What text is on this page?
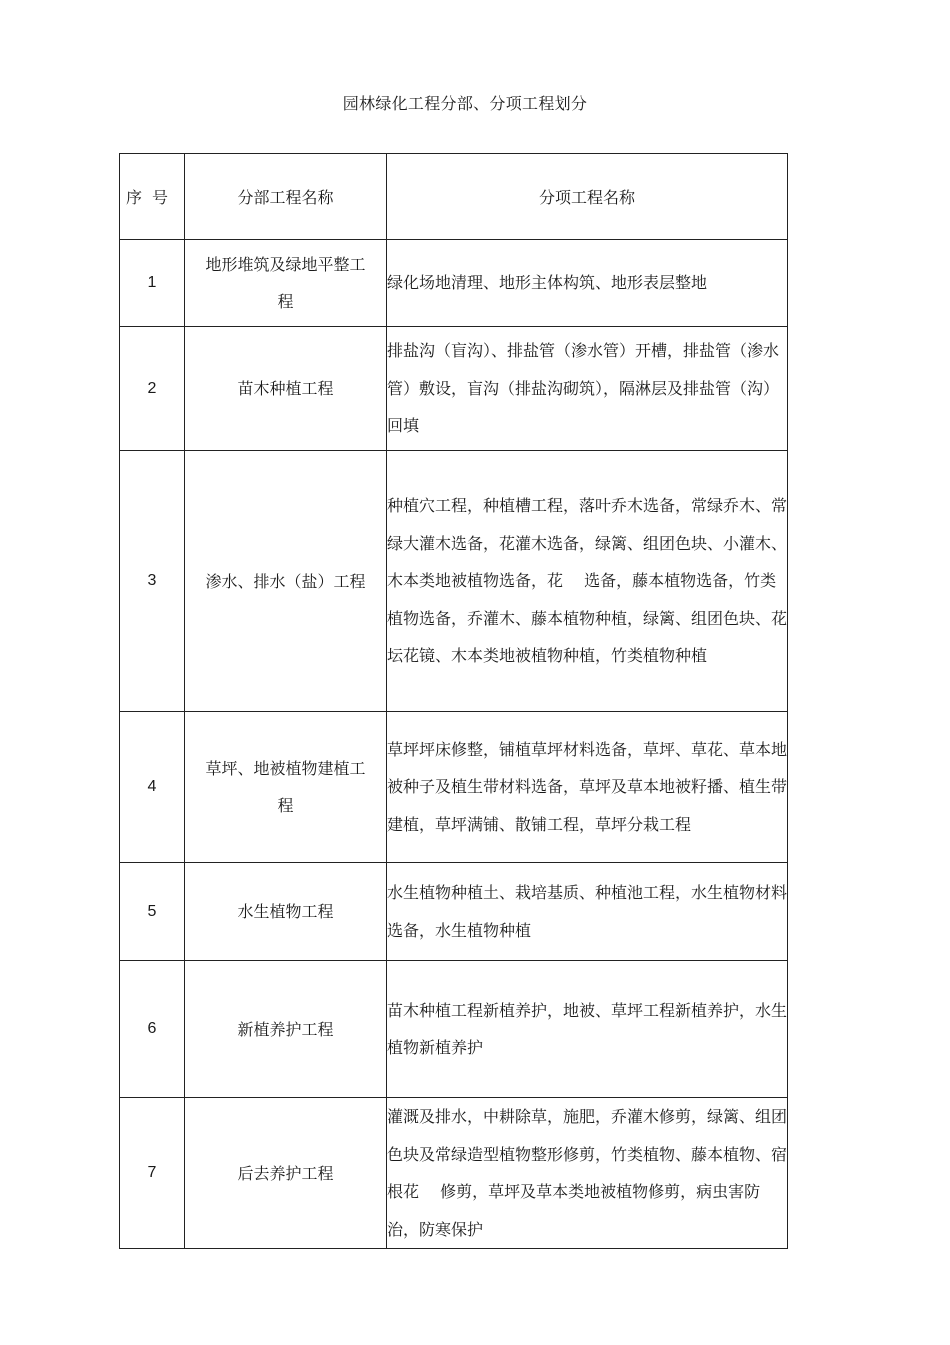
园林绿化工程分部、分项工程划分
序号	分部工程名称	分项工程名称
1	地形堆筑及绿地平整工程	绿化场地清理、地形主体构筑、地形表层整地
2	苗木种植工程	排盐沟（盲沟）、排盐管（渗水管）开槽，排盐管（渗水管）敷设，盲沟（排盐沟砌筑），隔淋层及排盐管（沟）回填
3	渗水、排水（盐）工程	种植穴工程，种植槽工程，落叶乔木选备，常绿乔木、常绿大灌木选备，花灌木选备，绿篱、组团色块、小灌木、木本类地被植物选备，花　 选备，藤本植物选备，竹类植物选备，乔灌木、藤本植物种植，绿篱、组团色块、花坛花镜、木本类地被植物种植，竹类植物种植
4	草坪、地被植物建植工程	草坪坪床修整，铺植草坪材料选备，草坪、草花、草本地被种子及植生带材料选备，草坪及草本地被籽播、植生带建植，草坪满铺、散铺工程，草坪分栽工程
5	水生植物工程	水生植物种植土、栽培基质、种植池工程，水生植物材料选备，水生植物种植
6	新植养护工程	苗木种植工程新植养护，地被、草坪工程新植养护，水生植物新植养护
7	后去养护工程	灌溉及排水，中耕除草，施肥，乔灌木修剪，绿篱、组团色块及常绿造型植物整形修剪，竹类植物、藤本植物、宿根花　 修剪，草坪及草本类地被植物修剪，病虫害防治，防寒保护
